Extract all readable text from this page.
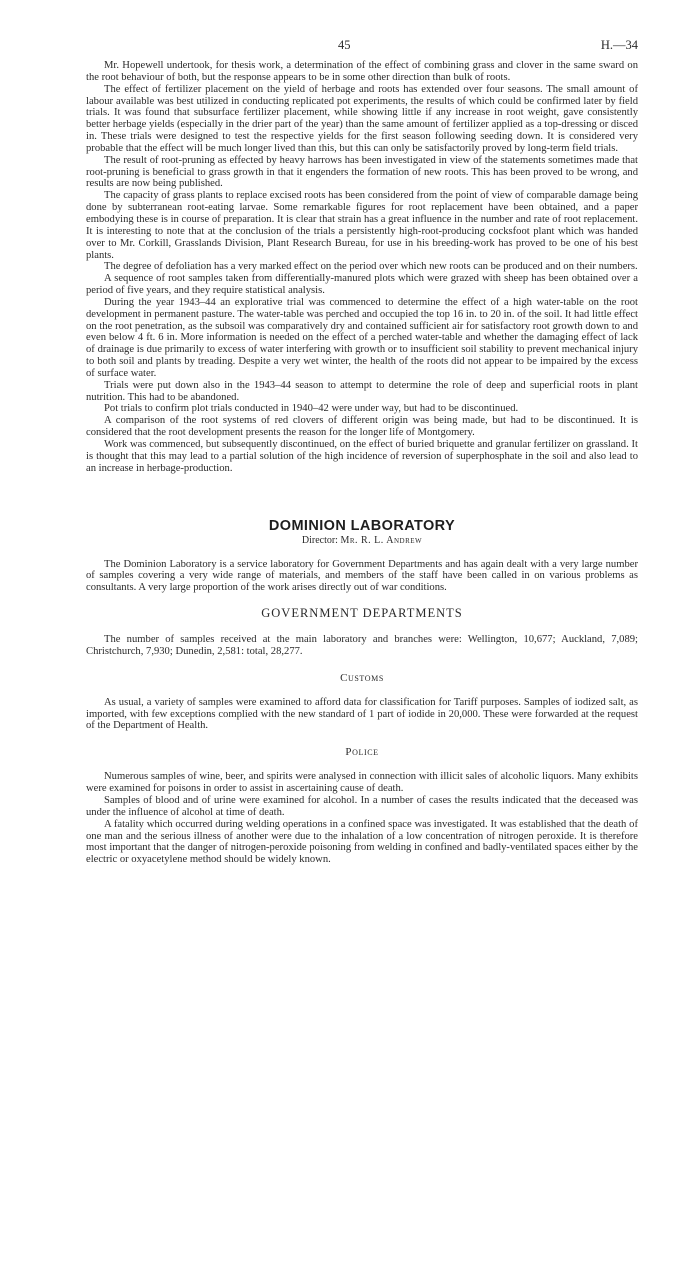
45	H.—34

Mr. Hopewell undertook, for thesis work, a determination of the effect of combining grass and clover in the same sward on the root behaviour of both, but the response appears to be in some other direction than bulk of roots.

The effect of fertilizer placement on the yield of herbage and roots has extended over four seasons. The small amount of labour available was best utilized in conducting replicated pot experiments, the results of which could be confirmed later by field trials. It was found that subsurface fertilizer placement, while showing little if any increase in root weight, gave consistently better herbage yields (especially in the drier part of the year) than the same amount of fertilizer applied as a top-dressing or disced in. These trials were designed to test the respective yields for the first season following seeding down. It is considered very probable that the effect will be much longer lived than this, but this can only be satisfactorily proved by long-term field trials.

The result of root-pruning as effected by heavy harrows has been investigated in view of the statements sometimes made that root-pruning is beneficial to grass growth in that it engenders the formation of new roots. This has been proved to be wrong, and results are now being published.

The capacity of grass plants to replace excised roots has been considered from the point of view of comparable damage being done by subterranean root-eating larvae. Some remarkable figures for root replacement have been obtained, and a paper embodying these is in course of preparation. It is clear that strain has a great influence in the number and rate of root replacement. It is interesting to note that at the conclusion of the trials a persistently high-root-producing cocksfoot plant which was handed over to Mr. Corkill, Grasslands Division, Plant Research Bureau, for use in his breeding-work has proved to be one of his best plants.

The degree of defoliation has a very marked effect on the period over which new roots can be produced and on their numbers.

A sequence of root samples taken from differentially-manured plots which were grazed with sheep has been obtained over a period of five years, and they require statistical analysis.

During the year 1943–44 an explorative trial was commenced to determine the effect of a high water-table on the root development in permanent pasture. The water-table was perched and occupied the top 16 in. to 20 in. of the soil. It had little effect on the root penetration, as the subsoil was comparatively dry and contained sufficient air for satisfactory root growth down to and even below 4 ft. 6 in. More information is needed on the effect of a perched water-table and whether the damaging effect of lack of drainage is due primarily to excess of water interfering with growth or to insufficient soil stability to prevent mechanical injury to both soil and plants by treading. Despite a very wet winter, the health of the roots did not appear to be impaired by the excess of surface water.

Trials were put down also in the 1943–44 season to attempt to determine the role of deep and superficial roots in plant nutrition. This had to be abandoned.

Pot trials to confirm plot trials conducted in 1940–42 were under way, but had to be discontinued.

A comparison of the root systems of red clovers of different origin was being made, but had to be discontinued. It is considered that the root development presents the reason for the longer life of Montgomery.

Work was commenced, but subsequently discontinued, on the effect of buried briquette and granular fertilizer on grassland. It is thought that this may lead to a partial solution of the high incidence of reversion of superphosphate in the soil and also lead to an increase in herbage-production.

DOMINION LABORATORY
Director: Mr. R. L. Andrew

The Dominion Laboratory is a service laboratory for Government Departments and has again dealt with a very large number of samples covering a very wide range of materials, and members of the staff have been called in on various problems as consultants. A very large proportion of the work arises directly out of war conditions.

GOVERNMENT DEPARTMENTS

The number of samples received at the main laboratory and branches were: Wellington, 10,677; Auckland, 7,089; Christchurch, 7,930; Dunedin, 2,581: total, 28,277.

Customs

As usual, a variety of samples were examined to afford data for classification for Tariff purposes. Samples of iodized salt, as imported, with few exceptions complied with the new standard of 1 part of iodide in 20,000. These were forwarded at the request of the Department of Health.

Police

Numerous samples of wine, beer, and spirits were analysed in connection with illicit sales of alcoholic liquors. Many exhibits were examined for poisons in order to assist in ascertaining cause of death.

Samples of blood and of urine were examined for alcohol. In a number of cases the results indicated that the deceased was under the influence of alcohol at time of death.

A fatality which occurred during welding operations in a confined space was investigated. It was established that the death of one man and the serious illness of another were due to the inhalation of a low concentration of nitrogen peroxide. It is therefore most important that the danger of nitrogen-peroxide poisoning from welding in confined and badly-ventilated spaces either by the electric or oxyacetylene method should be widely known.
